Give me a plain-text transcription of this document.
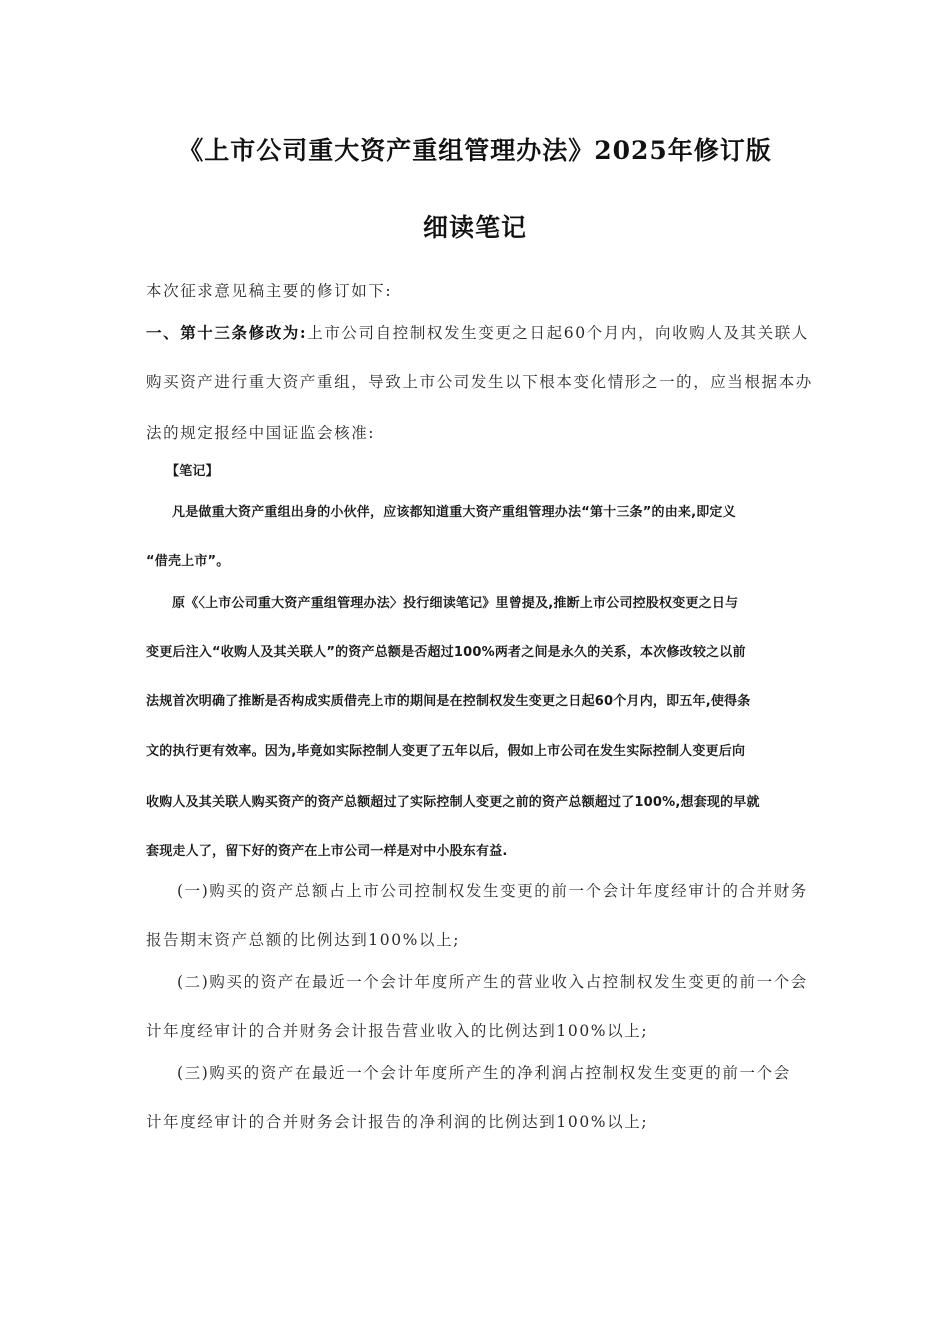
《上市公司重大资产重组管理办法》2025年修订版
细读笔记
本次征求意见稿主要的修订如下:
一、第十三条修改为:上市公司自控制权发生变更之日起60个月内，向收购人及其关联人
购买资产进行重大资产重组，导致上市公司发生以下根本变化情形之一的，应当根据本办
法的规定报经中国证监会核准:
【笔记】
凡是做重大资产重组出身的小伙伴，应该都知道重大资产重组管理办法“第十三条”的由来,即定义
“借壳上市”。
原《〈上市公司重大资产重组管理办法〉投行细读笔记》里曾提及,推断上市公司控股权变更之日与
变更后注入“收购人及其关联人”的资产总额是否超过100%两者之间是永久的关系，本次修改较之以前
法规首次明确了推断是否构成实质借壳上市的期间是在控制权发生变更之日起60个月内，即五年,使得条
文的执行更有效率。因为,毕竟如实际控制人变更了五年以后，假如上市公司在发生实际控制人变更后向
收购人及其关联人购买资产的资产总额超过了实际控制人变更之前的资产总额超过了100%,想套现的早就
套现走人了，留下好的资产在上市公司一样是对中小股东有益.
(一)购买的资产总额占上市公司控制权发生变更的前一个会计年度经审计的合并财务
报告期末资产总额的比例达到100%以上;
(二)购买的资产在最近一个会计年度所产生的营业收入占控制权发生变更的前一个会
计年度经审计的合并财务会计报告营业收入的比例达到100%以上;
(三)购买的资产在最近一个会计年度所产生的净利润占控制权发生变更的前一个会
计年度经审计的合并财务会计报告的净利润的比例达到100%以上;
